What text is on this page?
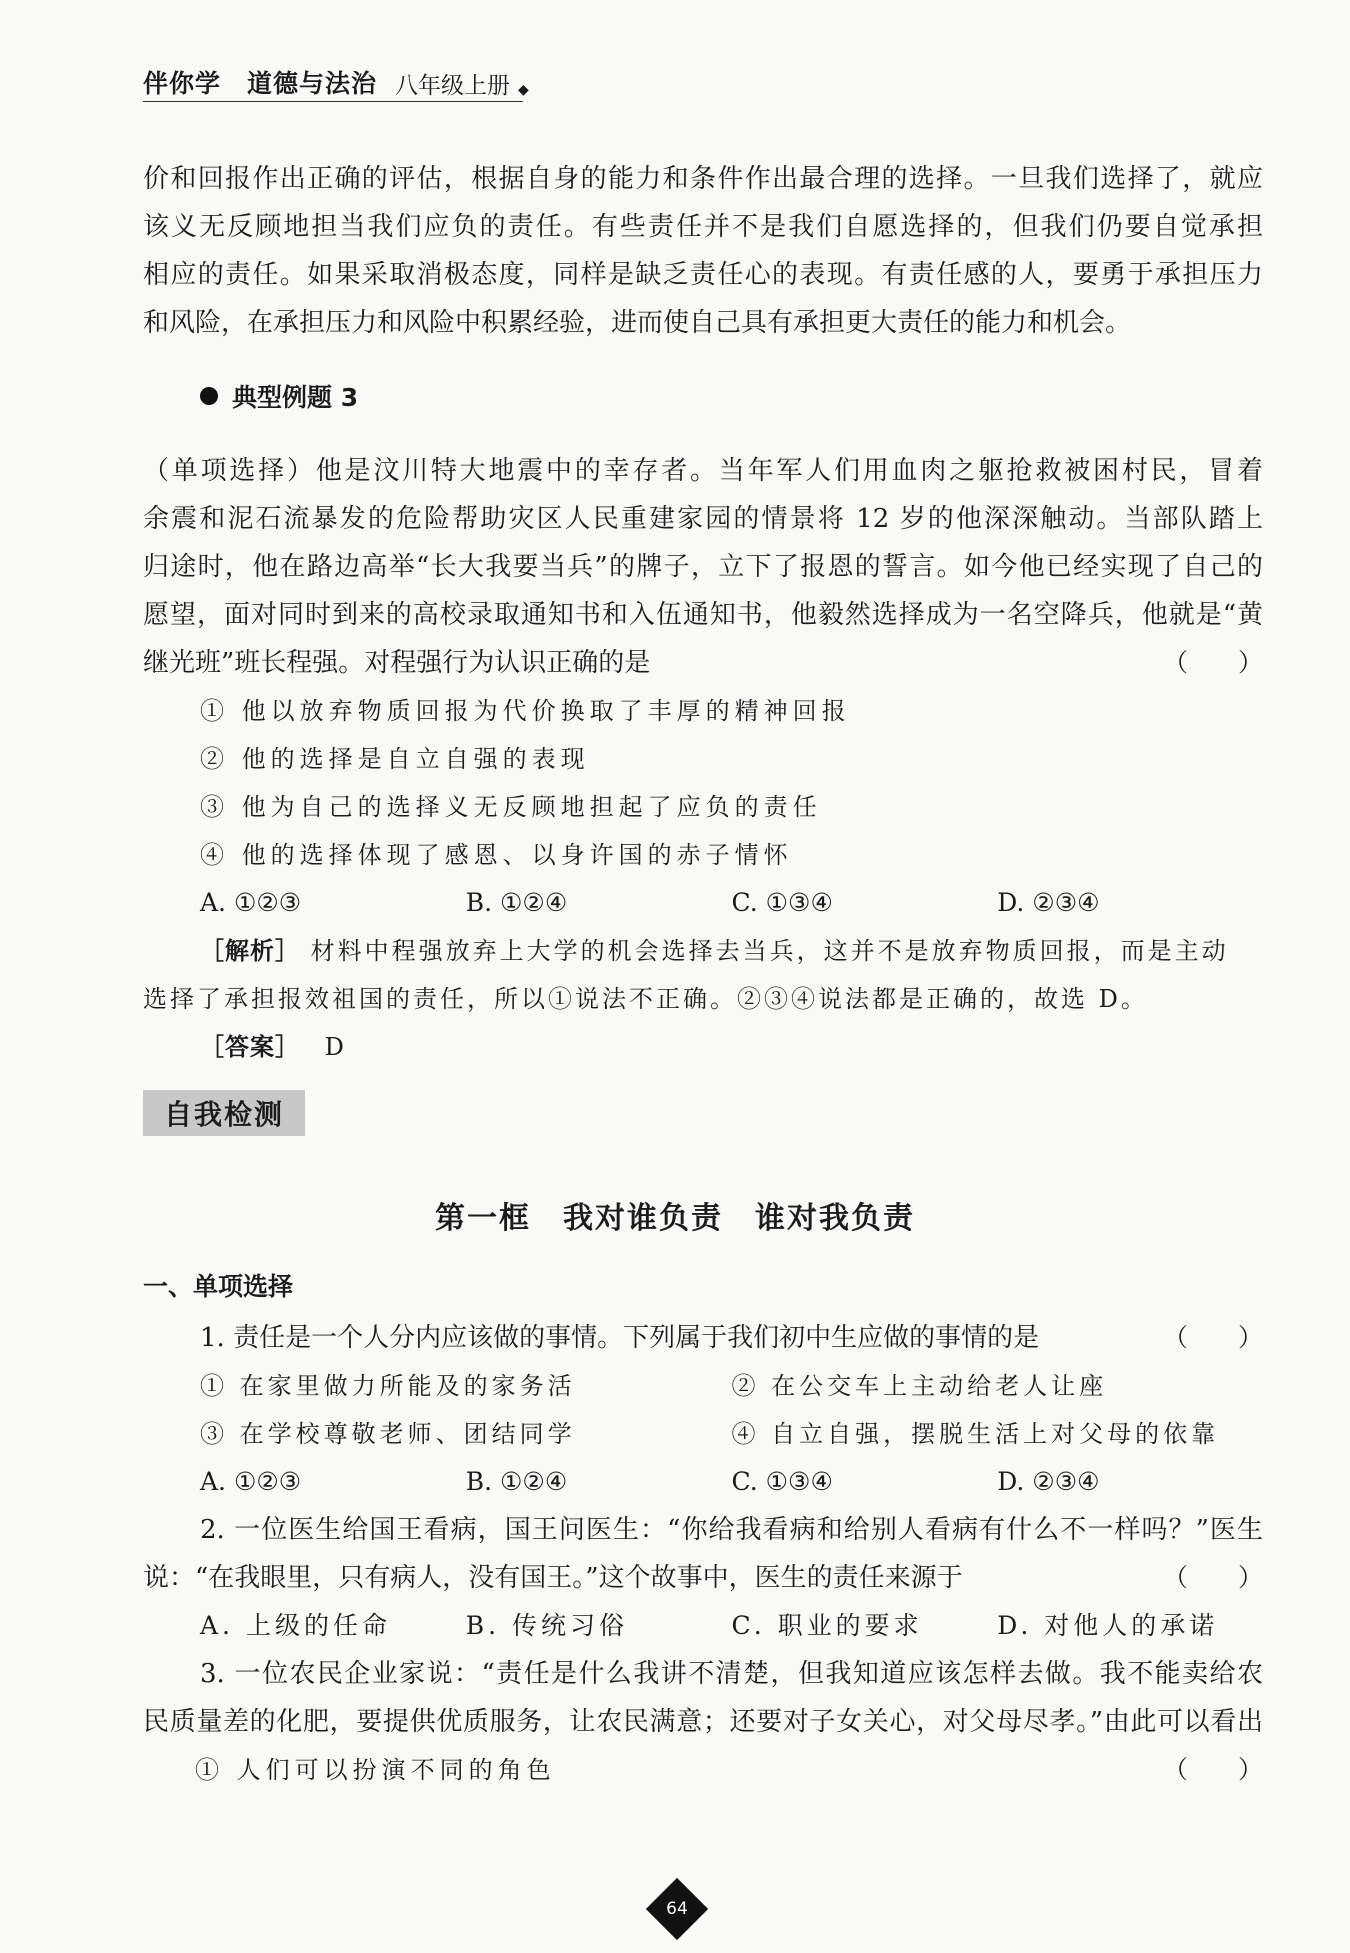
伴你学 道德与法治 八年级上册 ◆
价和回报作出正确的评估，根据自身的能力和条件作出最合理的选择。一旦我们选择了，就应
该义无反顾地担当我们应负的责任。有些责任并不是我们自愿选择的，但我们仍要自觉承担
相应的责任。如果采取消极态度，同样是缺乏责任心的表现。有责任感的人，要勇于承担压力
和风险，在承担压力和风险中积累经验，进而使自己具有承担更大责任的能力和机会。
典型例题 3
（单项选择）他是汶川特大地震中的幸存者。当年军人们用血肉之躯抢救被困村民，冒着
余震和泥石流暴发的危险帮助灾区人民重建家园的情景将 12 岁的他深深触动。当部队踏上
归途时，他在路边高举“长大我要当兵”的牌子，立下了报恩的誓言。如今他已经实现了自己的
愿望，面对同时到来的高校录取通知书和入伍通知书，他毅然选择成为一名空降兵，他就是“黄
继光班”班长程强。对程强行为认识正确的是	（　　）
① 他以放弃物质回报为代价换取了丰厚的精神回报
② 他的选择是自立自强的表现
③ 他为自己的选择义无反顾地担起了应负的责任
④ 他的选择体现了感恩、以身许国的赤子情怀
A. ①②③	B. ①②④	C. ①③④	D. ②③④
［解析］ 材料中程强放弃上大学的机会选择去当兵，这并不是放弃物质回报，而是主动
选择了承担报效祖国的责任，所以①说法不正确。②③④说法都是正确的，故选 D。
［答案］ D
自我检测
第一框　我对谁负责　谁对我负责
一、单项选择
1. 责任是一个人分内应该做的事情。下列属于我们初中生应做的事情的是	（　　）
① 在家里做力所能及的家务活	② 在公交车上主动给老人让座
③ 在学校尊敬老师、团结同学	④ 自立自强，摆脱生活上对父母的依靠
A. ①②③	B. ①②④	C. ①③④	D. ②③④
2. 一位医生给国王看病，国王问医生：“你给我看病和给别人看病有什么不一样吗？”医生
说：“在我眼里，只有病人，没有国王。”这个故事中，医生的责任来源于	（　　）
A. 上级的任命	B. 传统习俗	C. 职业的要求	D. 对他人的承诺
3. 一位农民企业家说：“责任是什么我讲不清楚，但我知道应该怎样去做。我不能卖给农
民质量差的化肥，要提供优质服务，让农民满意；还要对子女关心，对父母尽孝。”由此可以看出
（　　）
① 人们可以扮演不同的角色
64
